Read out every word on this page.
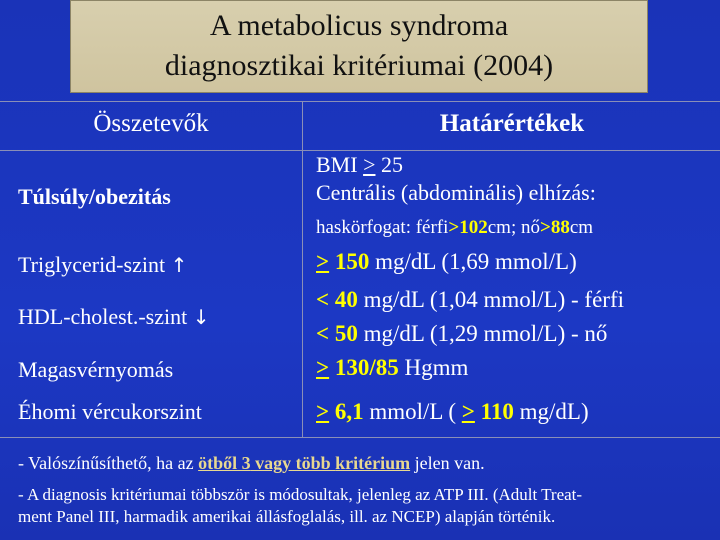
A metabolicus syndroma
diagnosztikai kritériumai (2004)
Összetevők	Határértékek
Túlsúly/obezitás
Triglycerid-szint ↑
HDL-cholest.-szint ↓
Magasvérnyomás
Éhomi vércukorszint
BMI > 25
Centrális (abdominális) elhízás:
haskörfogat: férfi>102cm; nő>88cm
> 150 mg/dL (1,69 mmol/L)
< 40 mg/dL (1,04 mmol/L) - férfi
< 50 mg/dL (1,29 mmol/L) - nő
> 130/85 Hgmm
> 6,1 mmol/L ( > 110 mg/dL)
- Valószínűsíthető, ha az ötből 3 vagy több kritérium jelen van.
- A diagnosis kritériumai többször is módosultak, jelenleg az ATP III. (Adult Treat-
ment Panel III, harmadik amerikai állásfoglalás, ill. az NCEP) alapján történik.
